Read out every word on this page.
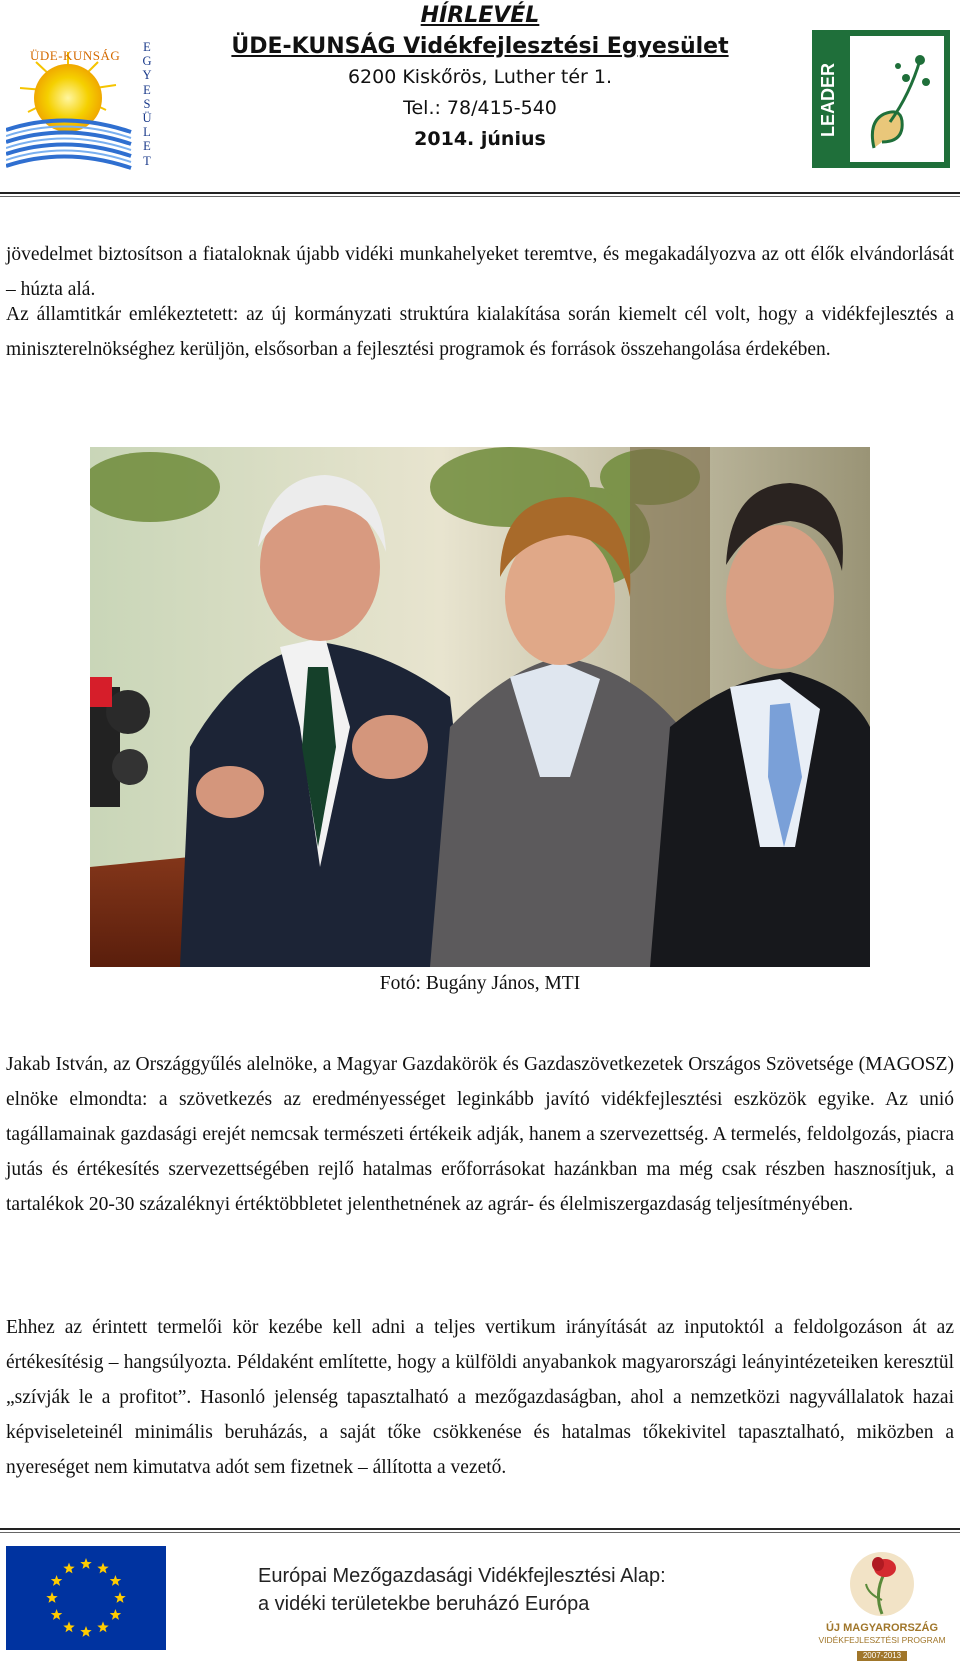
ÜDE-KUNSÁG
EGYESÜLET
HÍRLEVÉL
ÜDE-KUNSÁG Vidékfejlesztési Egyesület
6200 Kiskőrös, Luther tér 1.
Tel.: 78/415-540
2014. június
LEADER

jövedelmet biztosítson a fiataloknak újabb vidéki munkahelyeket teremtve, és megakadályozva az ott élők elvándorlását – húzta alá.

Az államtitkár emlékeztetett: az új kormányzati struktúra kialakítása során kiemelt cél volt, hogy a vidékfejlesztés a miniszterelnökséghez kerüljön, elsősorban a fejlesztési programok és források összehangolása érdekében.

Fotó: Bugány János, MTI

Jakab István, az Országgyűlés alelnöke, a Magyar Gazdakörök és Gazdaszövetkezetek Országos Szövetsége (MAGOSZ) elnöke elmondta: a szövetkezés az eredményességet leginkább javító vidékfejlesztési eszközök egyike. Az unió tagállamainak gazdasági erejét nemcsak természeti értékeik adják, hanem a szervezettség. A termelés, feldolgozás, piacra jutás és értékesítés szervezettségében rejlő hatalmas erőforrásokat hazánkban ma még csak részben hasznosítjuk, a tartalékok 20-30 százaléknyi értéktöbbletet jelenthetnének az agrár- és élelmiszergazdaság teljesítményében.

Ehhez az érintett termelői kör kezébe kell adni a teljes vertikum irányítását az inputoktól a feldolgozáson át az értékesítésig – hangsúlyozta. Példaként említette, hogy a külföldi anyabankok magyarországi leányintézeteiken keresztül „szívják le a profitot”. Hasonló jelenség tapasztalható a mezőgazdaságban, ahol a nemzetközi nagyvállalatok hazai képviseleteinél minimális beruházás, a saját tőke csökkenése és hatalmas tőkekivitel tapasztalható, miközben a nyereséget nem kimutatva adót sem fizetnek – állította a vezető.

Európai Mezőgazdasági Vidékfejlesztési Alap:
a vidéki területekbe beruházó Európa
ÚJ MAGYARORSZÁG
VIDÉKFEJLESZTÉSI PROGRAM
2007-2013
